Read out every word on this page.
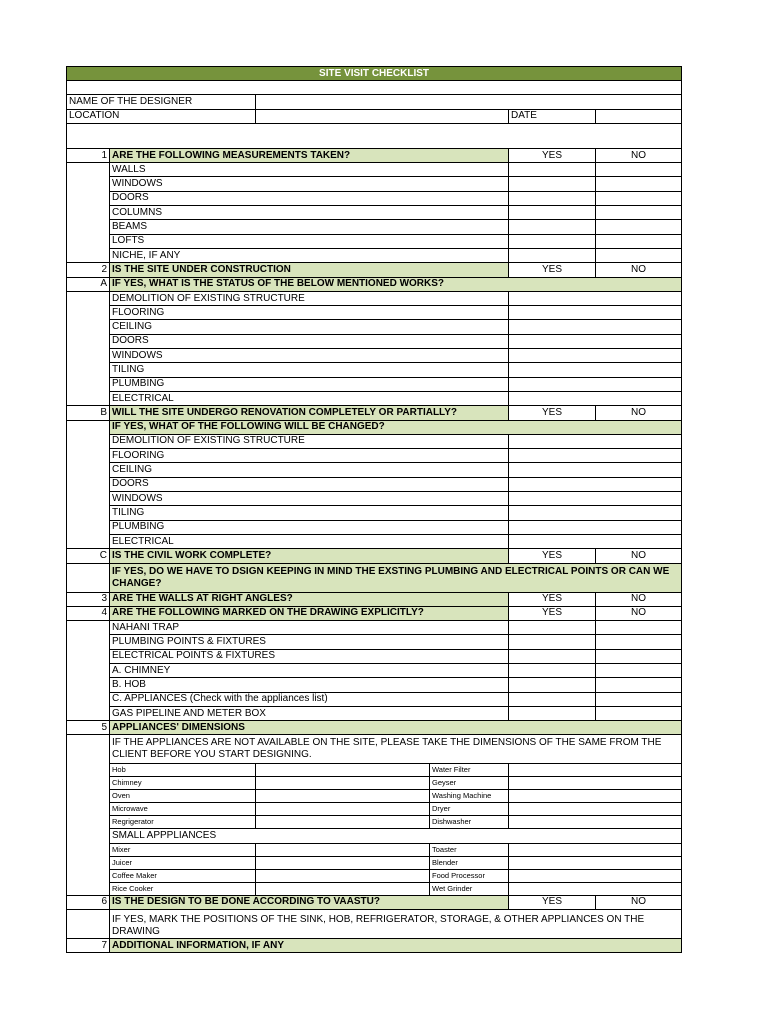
SITE VISIT CHECKLIST					

NAME OF THE DESIGNER					
LOCATION				DATE	

1	ARE THE FOLLOWING MEASUREMENTS TAKEN?			YES	NO
	WALLS				
	WINDOWS				
	DOORS				
	COLUMNS				
	BEAMS				
	LOFTS				
	NICHE, IF ANY				
2	IS THE SITE UNDER CONSTRUCTION			YES	NO
A	IF YES, WHAT IS THE STATUS OF THE BELOW MENTIONED WORKS?				
	DEMOLITION OF EXISTING STRUCTURE				
	FLOORING				
	CEILING				
	DOORS				
	WINDOWS				
	TILING				
	PLUMBING				
	ELECTRICAL				
B	WILL THE SITE UNDERGO RENOVATION COMPLETELY OR PARTIALLY?			YES	NO
	IF YES, WHAT OF THE FOLLOWING WILL BE CHANGED?				
	DEMOLITION OF EXISTING STRUCTURE				
	FLOORING				
	CEILING				
	DOORS				
	WINDOWS				
	TILING				
	PLUMBING				
	ELECTRICAL				
C	IS THE CIVIL WORK COMPLETE?			YES	NO
	IF YES, DO WE HAVE TO DSIGN KEEPING IN MIND THE EXSTING PLUMBING AND ELECTRICAL POINTS OR CAN WE CHANGE?				
3	ARE THE WALLS AT RIGHT ANGLES?			YES	NO
4	ARE THE FOLLOWING MARKED ON THE DRAWING EXPLICITLY?			YES	NO
	NAHANI TRAP				
	PLUMBING POINTS & FIXTURES				
	ELECTRICAL POINTS & FIXTURES				
	A. CHIMNEY				
	B. HOB				
	C. APPLIANCES (Check with the appliances list)				
	GAS PIPELINE AND METER BOX				
5	APPLIANCES' DIMENSIONS				
	IF THE APPLIANCES ARE NOT AVAILABLE ON THE SITE, PLEASE TAKE THE DIMENSIONS OF THE SAME FROM THE CLIENT BEFORE YOU START DESIGNING.				
	Hob		Water Filter		
	Chimney		Geyser		
	Oven		Washing Machine		
	Microwave		Dryer		
	Regrigerator		Dishwasher		
	SMALL APPPLIANCES				
	Mixer		Toaster		
	Juicer		Blender		
	Coffee Maker		Food Processor		
	Rice Cooker		Wet Grinder		
6	IS THE DESIGN TO BE DONE ACCORDING TO VAASTU?			YES	NO
	IF YES, MARK THE POSITIONS OF THE SINK, HOB, REFRIGERATOR, STORAGE, & OTHER APPLIANCES ON THE DRAWING				
7	ADDITIONAL INFORMATION, IF ANY				
